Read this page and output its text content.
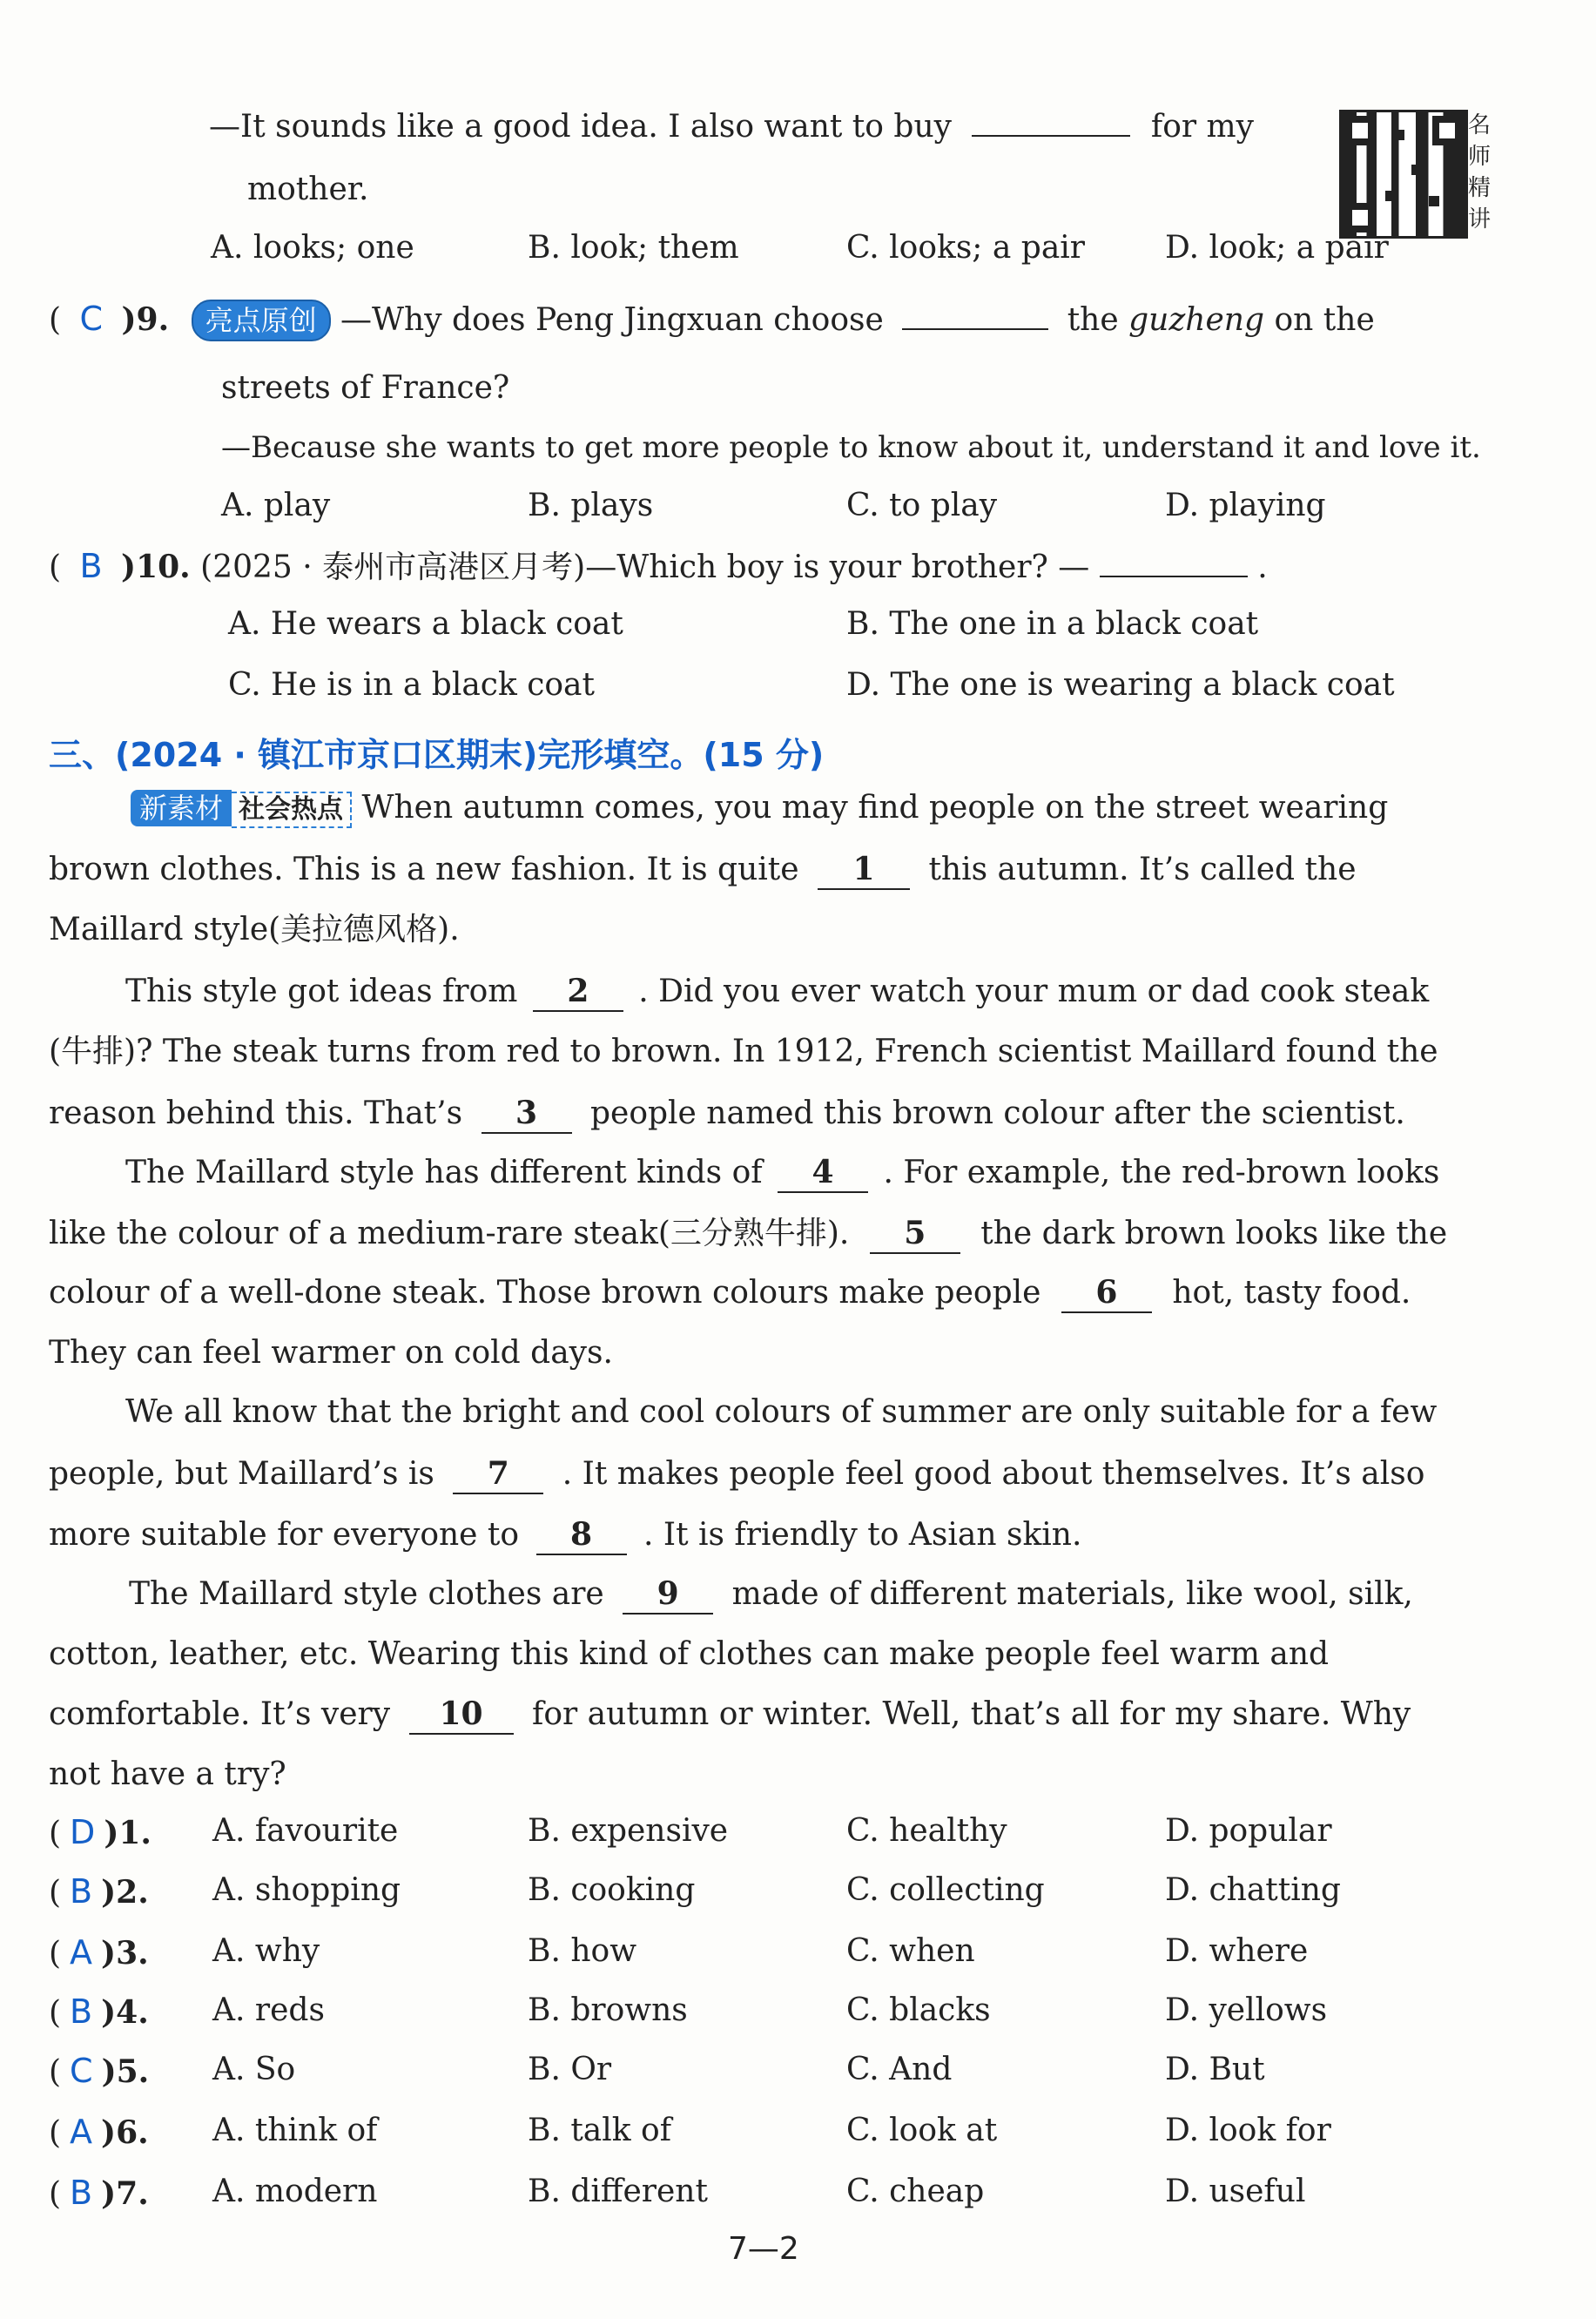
—It sounds like a good idea. I also want to buy	for my	名师精讲
mother.
A. looks; one	B. look; them	C. looks; a pair	D. look; a pair
( C )9. 亮点原创 —Why does Peng Jingxuan choose	the guzheng on the
streets of France?
—Because she wants to get more people to know about it, understand it and love it.
A. play	B. plays	C. to play	D. playing
( B )10. (2025 · 泰州市高港区月考)—Which boy is your brother? —	.
A. He wears a black coat	B. The one in a black coat
C. He is in a black coat	D. The one is wearing a black coat
三、(2024 · 镇江市京口区期末)完形填空。(15 分)
新素材 社会热点 When autumn comes, you may find people on the street wearing
brown clothes. This is a new fashion. It is quite 1 this autumn. It’s called the
Maillard style(美拉德风格).
This style got ideas from 2 . Did you ever watch your mum or dad cook steak
(牛排)? The steak turns from red to brown. In 1912, French scientist Maillard found the
reason behind this. That’s 3 people named this brown colour after the scientist.
The Maillard style has different kinds of 4 . For example, the red-brown looks
like the colour of a medium-rare steak(三分熟牛排). 5 the dark brown looks like the
colour of a well-done steak. Those brown colours make people 6 hot, tasty food.
They can feel warmer on cold days.
We all know that the bright and cool colours of summer are only suitable for a few
people, but Maillard’s is 7 . It makes people feel good about themselves. It’s also
more suitable for everyone to 8 . It is friendly to Asian skin.
The Maillard style clothes are 9 made of different materials, like wool, silk,
cotton, leather, etc. Wearing this kind of clothes can make people feel warm and
comfortable. It’s very 10 for autumn or winter. Well, that’s all for my share. Why
not have a try?
( D )1. A. favourite	B. expensive	C. healthy	D. popular
( B )2. A. shopping	B. cooking	C. collecting	D. chatting
( A )3. A. why	B. how	C. when	D. where
( B )4. A. reds	B. browns	C. blacks	D. yellows
( C )5. A. So	B. Or	C. And	D. But
( A )6. A. think of	B. talk of	C. look at	D. look for
( B )7. A. modern	B. different	C. cheap	D. useful
7—2
